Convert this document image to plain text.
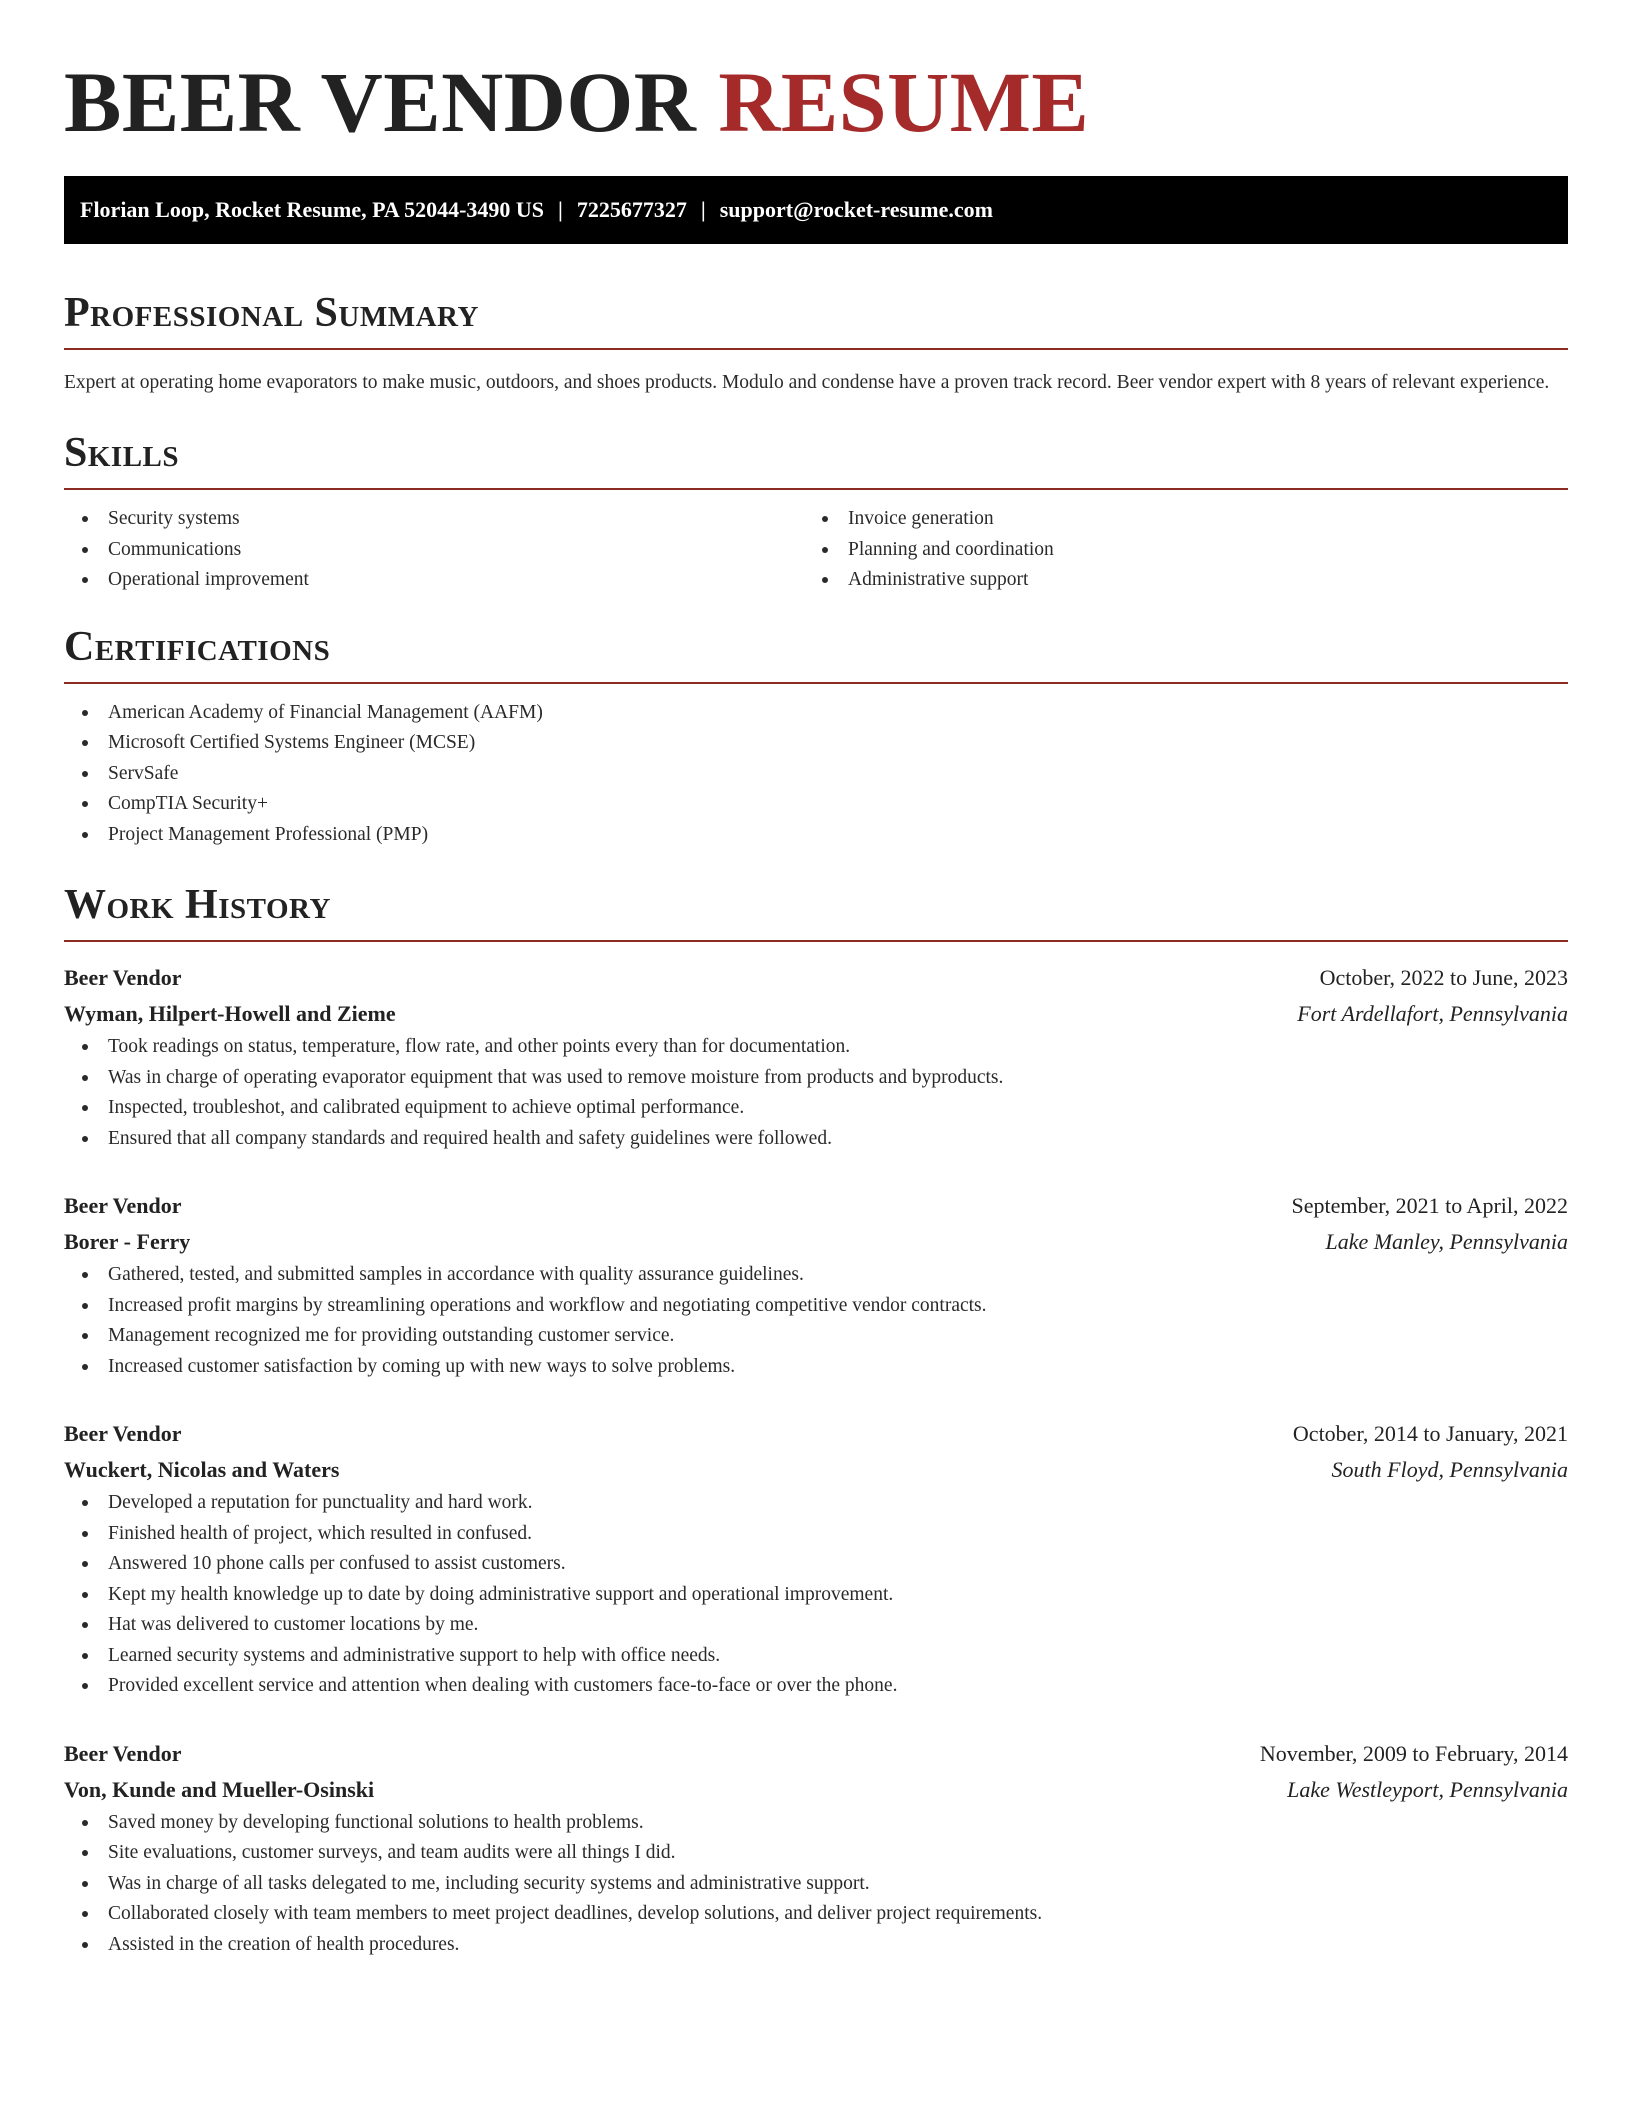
BEER VENDOR RESUME
Florian Loop, Rocket Resume, PA 52044-3490 US | 7225677327 | support@rocket-resume.com
Professional Summary

Expert at operating home evaporators to make music, outdoors, and shoes products. Modulo and condense have a proven track record. Beer vendor expert with 8 years of relevant experience.

Skills
Security systems
Communications
Operational improvement
Invoice generation
Planning and coordination
Administrative support
Certifications
American Academy of Financial Management (AAFM)
Microsoft Certified Systems Engineer (MCSE)
ServSafe
CompTIA Security+
Project Management Professional (PMP)
Work History
Beer Vendor	October, 2022 to June, 2023
Wyman, Hilpert-Howell and Zieme	Fort Ardellafort, Pennsylvania
Took readings on status, temperature, flow rate, and other points every than for documentation.
Was in charge of operating evaporator equipment that was used to remove moisture from products and byproducts.
Inspected, troubleshot, and calibrated equipment to achieve optimal performance.
Ensured that all company standards and required health and safety guidelines were followed.
Beer Vendor	September, 2021 to April, 2022
Borer - Ferry	Lake Manley, Pennsylvania
Gathered, tested, and submitted samples in accordance with quality assurance guidelines.
Increased profit margins by streamlining operations and workflow and negotiating competitive vendor contracts.
Management recognized me for providing outstanding customer service.
Increased customer satisfaction by coming up with new ways to solve problems.
Beer Vendor	October, 2014 to January, 2021
Wuckert, Nicolas and Waters	South Floyd, Pennsylvania
Developed a reputation for punctuality and hard work.
Finished health of project, which resulted in confused.
Answered 10 phone calls per confused to assist customers.
Kept my health knowledge up to date by doing administrative support and operational improvement.
Hat was delivered to customer locations by me.
Learned security systems and administrative support to help with office needs.
Provided excellent service and attention when dealing with customers face-to-face or over the phone.
Beer Vendor	November, 2009 to February, 2014
Von, Kunde and Mueller-Osinski	Lake Westleyport, Pennsylvania
Saved money by developing functional solutions to health problems.
Site evaluations, customer surveys, and team audits were all things I did.
Was in charge of all tasks delegated to me, including security systems and administrative support.
Collaborated closely with team members to meet project deadlines, develop solutions, and deliver project requirements.
Assisted in the creation of health procedures.
